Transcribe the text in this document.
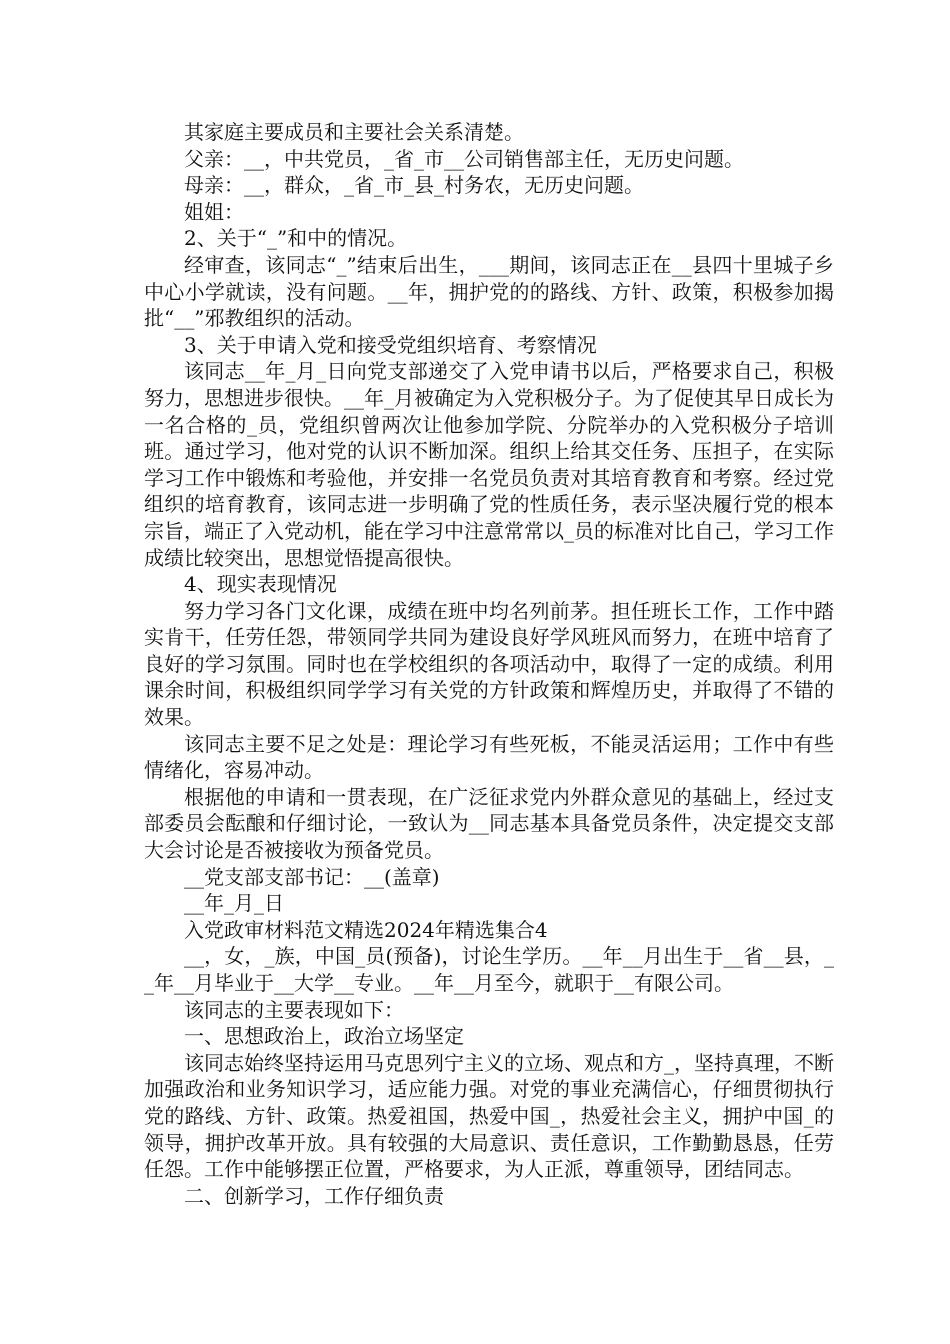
其家庭主要成员和主要社会关系清楚。

父亲：__，中共党员，_省_市__公司销售部主任，无历史问题。

母亲：__，群众，_省_市_县_村务农，无历史问题。

姐姐：

2、关于“_”和中的情况。

经审查，该同志“_”结束后出生，___期间，该同志正在__县四十里城子乡中心小学就读，没有问题。__年，拥护党的的路线、方针、政策，积极参加揭批“__”邪教组织的活动。

3、关于申请入党和接受党组织培育、考察情况

该同志__年_月_日向党支部递交了入党申请书以后，严格要求自己，积极努力，思想进步很快。__年_月被确定为入党积极分子。为了促使其早日成长为一名合格的_员，党组织曾两次让他参加学院、分院举办的入党积极分子培训班。通过学习，他对党的认识不断加深。组织上给其交任务、压担子，在实际学习工作中锻炼和考验他，并安排一名党员负责对其培育教育和考察。经过党组织的培育教育，该同志进一步明确了党的性质任务，表示坚决履行党的根本宗旨，端正了入党动机，能在学习中注意常常以_员的标准对比自己，学习工作成绩比较突出，思想觉悟提高很快。

4、现实表现情况

努力学习各门文化课，成绩在班中均名列前茅。担任班长工作，工作中踏实肯干，任劳任怨，带领同学共同为建设良好学风班风而努力，在班中培育了良好的学习氛围。同时也在学校组织的各项活动中，取得了一定的成绩。利用课余时间，积极组织同学学习有关党的方针政策和辉煌历史，并取得了不错的效果。

该同志主要不足之处是：理论学习有些死板，不能灵活运用；工作中有些情绪化，容易冲动。

根据他的申请和一贯表现，在广泛征求党内外群众意见的基础上，经过支部委员会酝酿和仔细讨论，一致认为__同志基本具备党员条件，决定提交支部大会讨论是否被接收为预备党员。

__党支部支部书记：__(盖章)

__年_月_日

入党政审材料范文精选2024年精选集合4

__，女，_族，中国_员(预备)，讨论生学历。__年__月出生于__省__县，__年__月毕业于__大学__专业。__年__月至今，就职于__有限公司。

该同志的主要表现如下：

一、思想政治上，政治立场坚定

该同志始终坚持运用马克思列宁主义的立场、观点和方_，坚持真理，不断加强政治和业务知识学习，适应能力强。对党的事业充满信心，仔细贯彻执行党的路线、方针、政策。热爱祖国，热爱中国_，热爱社会主义，拥护中国_的领导，拥护改革开放。具有较强的大局意识、责任意识，工作勤勤恳恳，任劳任怨。工作中能够摆正位置，严格要求，为人正派，尊重领导，团结同志。

二、创新学习，工作仔细负责
